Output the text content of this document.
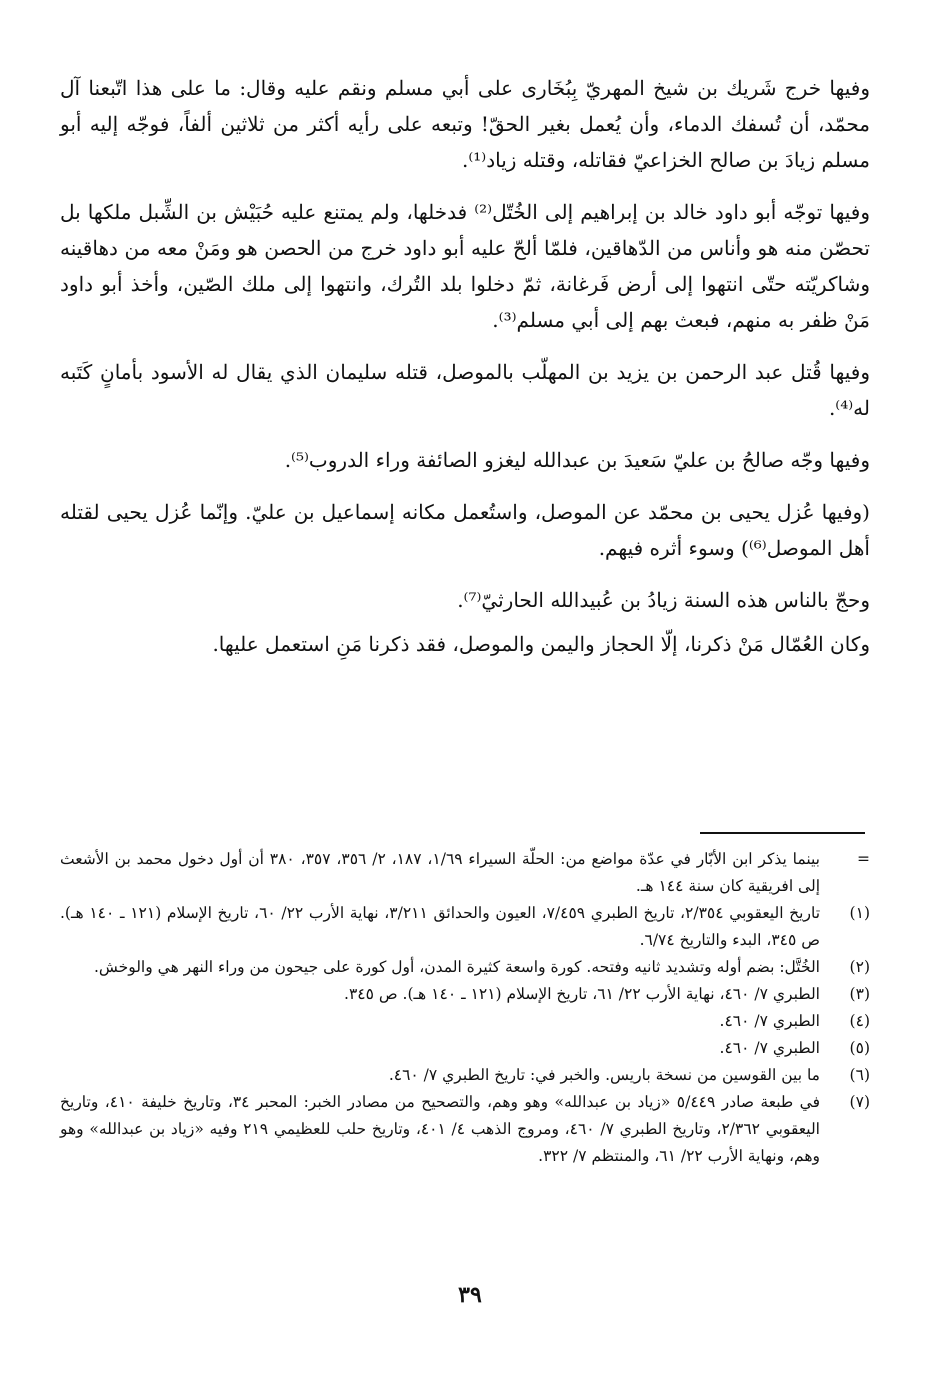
وفيها خرج شَريك بن شيخ المهريّ بِبُخَارى على أبي مسلم ونقم عليه وقال: ما على هذا اتّبعنا آل محمّد، أن تُسفك الدماء، وأن يُعمل بغير الحقّ! وتبعه على رأيه أكثر من ثلاثين ألفاً، فوجّه إليه أبو مسلم زيادَ بن صالح الخزاعيّ فقاتله، وقتله زياد⁽¹⁾.

وفيها توجّه أبو داود خالد بن إبراهيم إلى الخُتّل⁽²⁾ فدخلها، ولم يمتنع عليه حُبَيْش بن الشِّبل ملكها بل تحصّن منه هو وأناس من الدّهاقين، فلمّا ألحّ عليه أبو داود خرج من الحصن هو ومَنْ معه من دهاقينه وشاكريّته حتّى انتهوا إلى أرض فَرغانة، ثمّ دخلوا بلد التُرك، وانتهوا إلى ملك الصّين، وأخذ أبو داود مَنْ ظفر به منهم، فبعث بهم إلى أبي مسلم⁽³⁾.

وفيها قُتل عبد الرحمن بن يزيد بن المهلّب بالموصل، قتله سليمان الذي يقال له الأسود بأمانٍ كَتَبه له⁽⁴⁾.

وفيها وجّه صالحُ بن عليّ سَعيدَ بن عبدالله ليغزو الصائفة وراء الدروب⁽⁵⁾.

(وفيها عُزل يحيى بن محمّد عن الموصل، واستُعمل مكانه إسماعيل بن عليّ. وإنّما عُزل يحيى لقتله أهل الموصل⁽⁶⁾) وسوء أثره فيهم.

وحجّ بالناس هذه السنة زيادُ بن عُبيدالله الحارثيّ⁽⁷⁾.

وكان العُمّال مَنْ ذكرنا، إلّا الحجاز واليمن والموصل، فقد ذكرنا مَنِ استعمل عليها.

=
بينما يذكر ابن الأبّار في عدّة مواضع من: الحلّة السيراء ١/٦٩، ١٨٧، ٢/ ٣٥٦، ٣٥٧، ٣٨٠ أن أول دخول محمد بن الأشعث إلى افريقية كان سنة ١٤٤ هـ.
(١)
تاريخ اليعقوبي ٢/٣٥٤، تاريخ الطبري ٧/٤٥٩، العيون والحدائق ٣/٢١١، نهاية الأرب ٢٢/ ٦٠، تاريخ الإسلام (١٢١ ـ ١٤٠ هـ). ص ٣٤٥، البدء والتاريخ ٦/٧٤.
(٢)
الخُتَّل: بضم أوله وتشديد ثانيه وفتحه. كورة واسعة كثيرة المدن، أول كورة على جيحون من وراء النهر هي والوخش.
(٣)
الطبري ٧/ ٤٦٠، نهاية الأرب ٢٢/ ٦١، تاريخ الإسلام (١٢١ ـ ١٤٠ هـ). ص ٣٤٥.
(٤)
الطبري ٧/ ٤٦٠.
(٥)
الطبري ٧/ ٤٦٠.
(٦)
ما بين القوسين من نسخة باريس. والخبر في: تاريخ الطبري ٧/ ٤٦٠.
(٧)
في طبعة صادر ٥/٤٤٩ «زياد بن عبدالله» وهو وهم، والتصحيح من مصادر الخبر: المحبر ٣٤، وتاريخ خليفة ٤١٠، وتاريخ اليعقوبي ٢/٣٦٢، وتاريخ الطبري ٧/ ٤٦٠، ومروج الذهب ٤/ ٤٠١، وتاريخ حلب للعظيمي ٢١٩ وفيه «زياد بن عبدالله» وهو وهم، ونهاية الأرب ٢٢/ ٦١، والمنتظم ٧/ ٣٢٢.
٣٩
